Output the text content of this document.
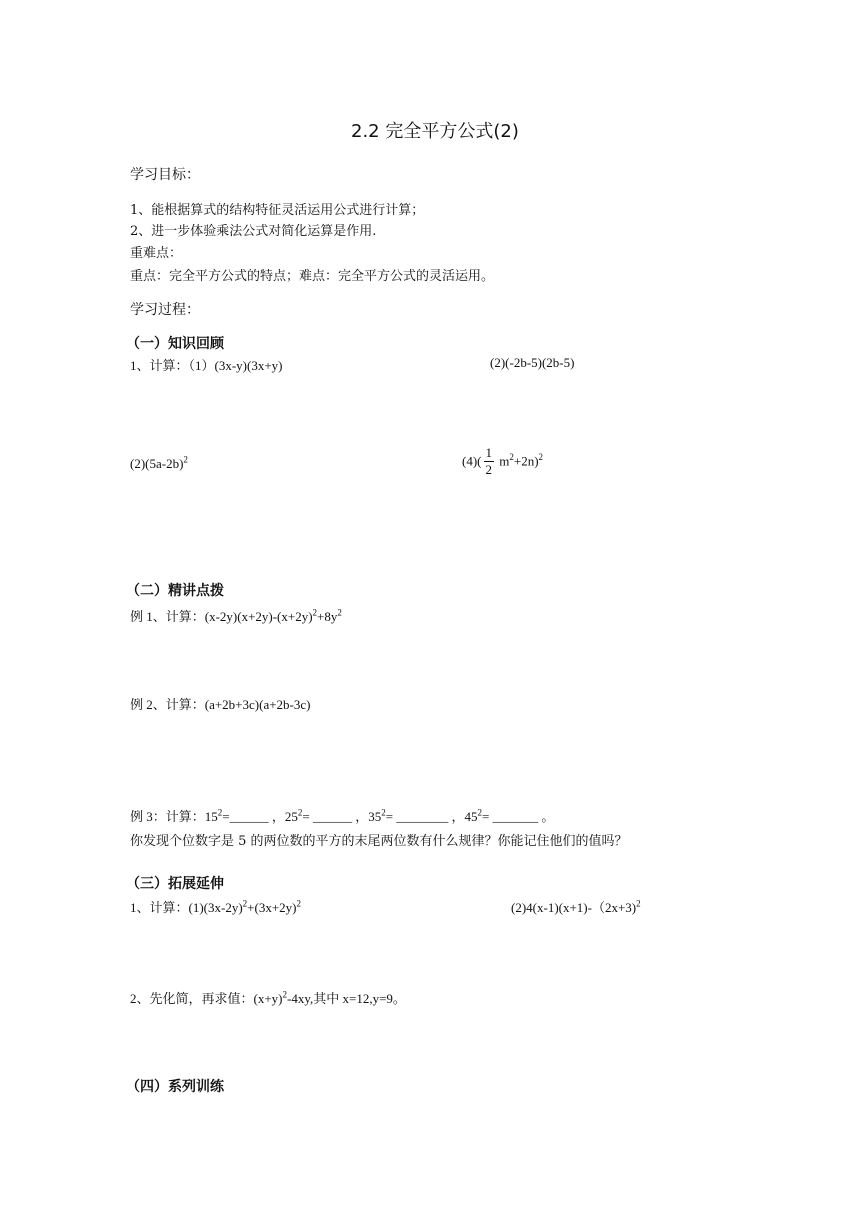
2.2 完全平方公式(2)
学习目标：
1、能根据算式的结构特征灵活运用公式进行计算；
2、进一步体验乘法公式对简化运算是作用.
重难点：
重点：完全平方公式的特点；难点：完全平方公式的灵活运用。
学习过程：
（一）知识回顾
1、计算：（1）(3x-y)(3x+y)	(2)(-2b-5)(2b-5)
$(2)(5a-2b)^2$	$(4)( \frac{1}{2} m^2+2n)^2$
（二）精讲点拨
例 1、计算：$(x-2y)(x+2y)-(x+2y)^2+8y^2$
例 2、计算：(a+2b+3c)(a+2b-3c)
例 3：计算：$15^2=\_\_\_\_\_\_$ ，$25^2=$ ______ ，$35^2=$ ________ ，$45^2=$ _______ 。
你发现个位数字是 5 的两位数的平方的末尾两位数有什么规律？你能记住他们的值吗？
（三）拓展延伸
1、计算：$(1)(3x-2y)^2+(3x+2y)^2$	(2)4(x-1)(x+1)-（2x+3)$^2$
2、先化简，再求值：$(x+y)^2-4xy$,其中 x=12,y=9。
（四）系列训练
